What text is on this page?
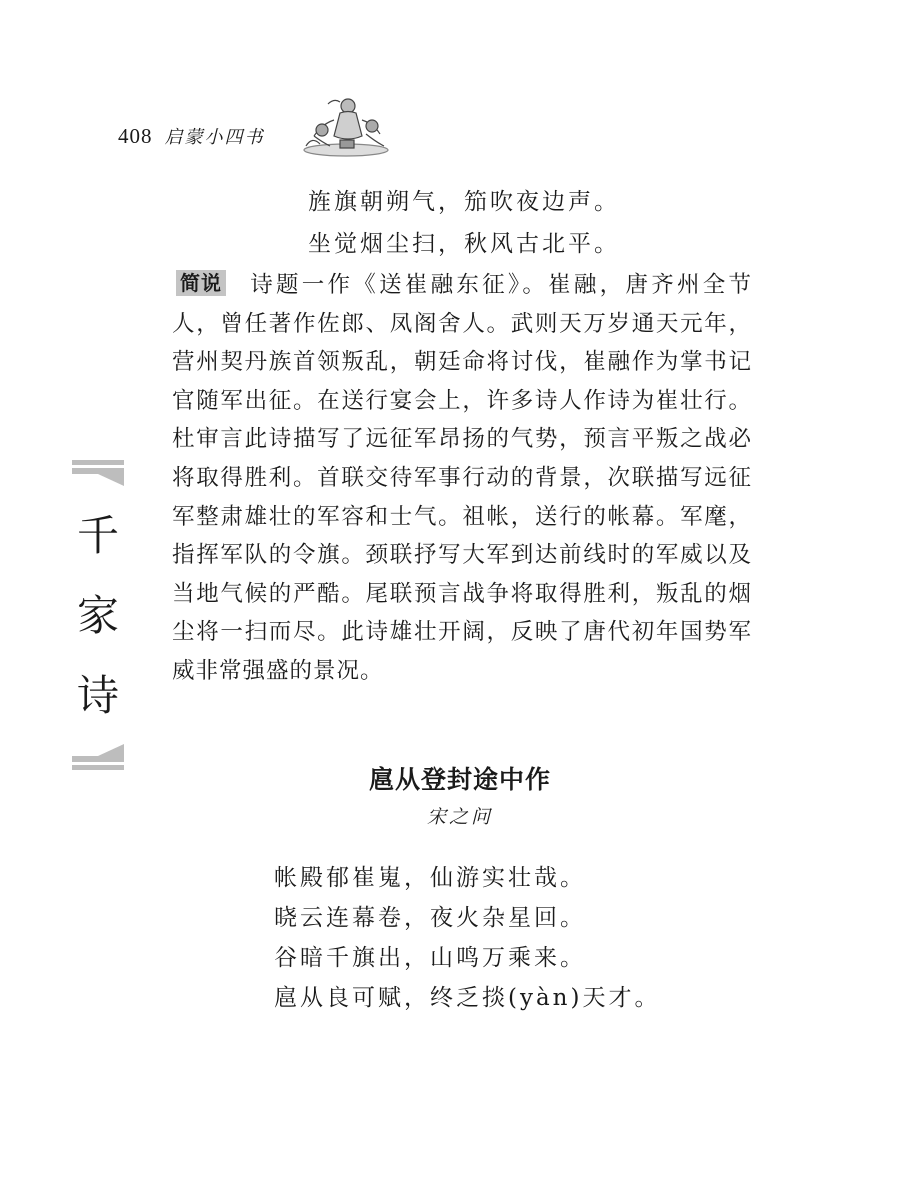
408 启蒙小四书
旌旗朝朔气，笳吹夜边声。
坐觉烟尘扫，秋风古北平。
简说 诗题一作《送崔融东征》。崔融，唐齐州全节人，曾任著作佐郎、凤阁舍人。武则天万岁通天元年，营州契丹族首领叛乱，朝廷命将讨伐，崔融作为掌书记官随军出征。在送行宴会上，许多诗人作诗为崔壮行。杜审言此诗描写了远征军昂扬的气势，预言平叛之战必将取得胜利。首联交待军事行动的背景，次联描写远征军整肃雄壮的军容和士气。祖帐，送行的帐幕。军麾，指挥军队的令旗。颈联抒写大军到达前线时的军威以及当地气候的严酷。尾联预言战争将取得胜利，叛乱的烟尘将一扫而尽。此诗雄壮开阔，反映了唐代初年国势军威非常强盛的景况。
千
家
诗
扈从登封途中作
宋之问
帐殿郁崔嵬，仙游实壮哉。
晓云连幕卷，夜火杂星回。
谷暗千旗出，山鸣万乘来。
扈从良可赋，终乏掞(yàn)天才。
